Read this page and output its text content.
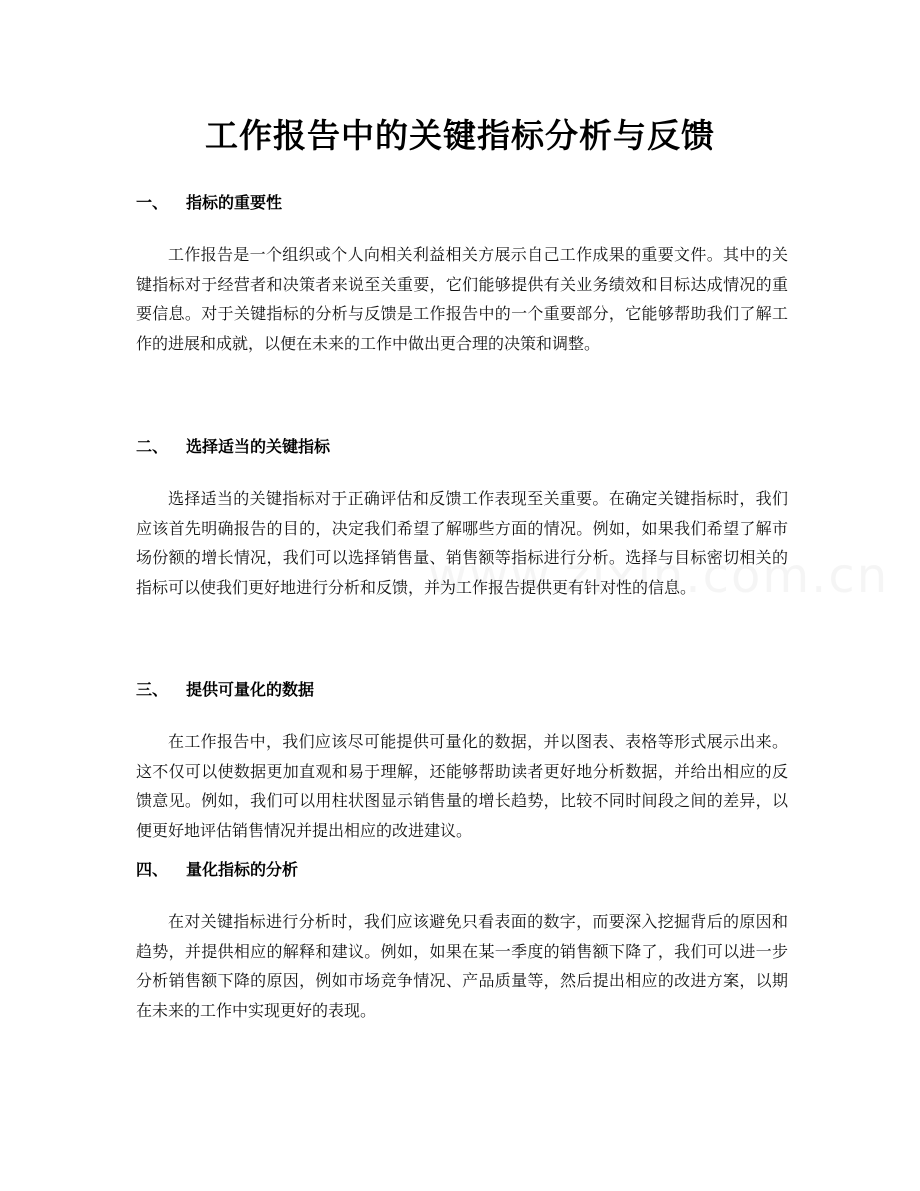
工作报告中的关键指标分析与反馈
一、	指标的重要性
工作报告是一个组织或个人向相关利益相关方展示自己工作成果的重要文件。其中的关键指标对于经营者和决策者来说至关重要，它们能够提供有关业务绩效和目标达成情况的重要信息。对于关键指标的分析与反馈是工作报告中的一个重要部分，它能够帮助我们了解工作的进展和成就，以便在未来的工作中做出更合理的决策和调整。
二、	选择适当的关键指标
选择适当的关键指标对于正确评估和反馈工作表现至关重要。在确定关键指标时，我们应该首先明确报告的目的，决定我们希望了解哪些方面的情况。例如，如果我们希望了解市场份额的增长情况，我们可以选择销售量、销售额等指标进行分析。选择与目标密切相关的指标可以使我们更好地进行分析和反馈，并为工作报告提供更有针对性的信息。
三、	提供可量化的数据
在工作报告中，我们应该尽可能提供可量化的数据，并以图表、表格等形式展示出来。这不仅可以使数据更加直观和易于理解，还能够帮助读者更好地分析数据，并给出相应的反馈意见。例如，我们可以用柱状图显示销售量的增长趋势，比较不同时间段之间的差异，以便更好地评估销售情况并提出相应的改进建议。
四、	量化指标的分析
在对关键指标进行分析时，我们应该避免只看表面的数字，而要深入挖掘背后的原因和趋势，并提供相应的解释和建议。例如，如果在某一季度的销售额下降了，我们可以进一步分析销售额下降的原因，例如市场竞争情况、产品质量等，然后提出相应的改进方案，以期在未来的工作中实现更好的表现。
